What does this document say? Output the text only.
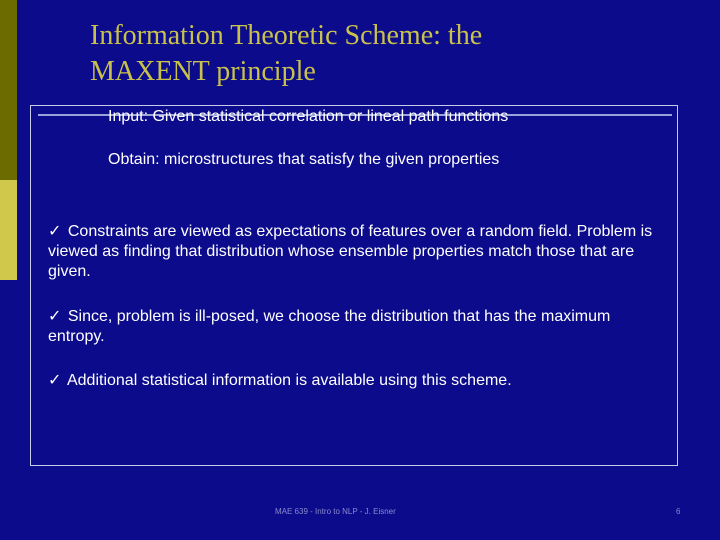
Information Theoretic Scheme: the
MAXENT principle
Input: Given statistical correlation or lineal path functions
Obtain: microstructures that satisfy the given properties
✓ Constraints are viewed as expectations of features over a random field. Problem is viewed as finding that distribution whose ensemble properties match those that are given.
✓ Since, problem is ill-posed, we choose the distribution that has the maximum entropy.
✓ Additional statistical information is available using this scheme.
MAE 639 - Intro to NLP - J. Eisner	6
